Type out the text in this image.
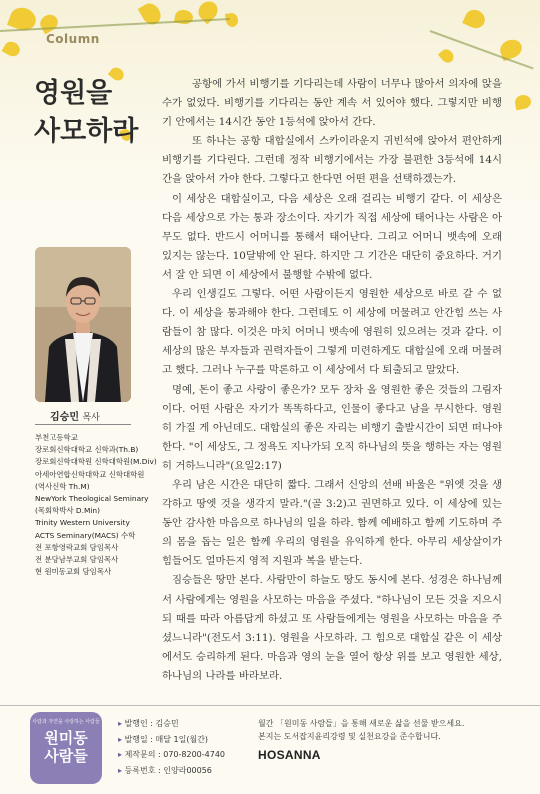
Column
영원을
사모하라
김승민 목사
부천고등학교
장로회신학대학교 신학과(Th.B)
장로회신학대학원 신학대학원(M.Div)
아세아연합신학대학교 신학대학원
(역사신학 Th.M)
NewYork Theological Seminary
(목회학박사 D.Min)
Trinity Western University
ACTS Seminary(MACS) 수학
전 포항영락교회 담임목사
전 분당남부교회 담임목사
현 원미동교회 담임목사

공항에 가서 비행기를 기다리는데 사람이 너무나 많아서 의자에 앉을 수가 없었다. 비행기를 기다리는 동안 계속 서 있어야 했다. 그렇지만 비행기 안에서는 14시간 동안 1등석에 앉아서 간다.

또 하나는 공항 대합실에서 스카이라운지 귀빈석에 앉아서 편안하게 비행기를 기다린다. 그런데 정작 비행기에서는 가장 불편한 3등석에 14시간을 앉아서 가야 한다. 그렇다고 한다면 어떤 편을 선택하겠는가.

이 세상은 대합실이고, 다음 세상은 오래 걸리는 비행기 같다. 이 세상은 다음 세상으로 가는 통과 장소이다. 자기가 직접 세상에 태어나는 사람은 아무도 없다. 반드시 어머니를 통해서 태어난다. 그리고 어머니 뱃속에 오래 있지는 않는다. 10달밖에 안 된다. 하지만 그 기간은 대단히 중요하다. 거기서 잘 안 되면 이 세상에서 불행할 수밖에 없다.

우리 인생길도 그렇다. 어떤 사람이든지 영원한 세상으로 바로 갈 수 없다. 이 세상을 통과해야 한다. 그런데도 이 세상에 머물려고 안간힘 쓰는 사람들이 참 많다. 이것은 마치 어머니 뱃속에 영원히 있으려는 것과 같다. 이 세상의 많은 부자들과 권력자들이 그렇게 미련하게도 대합실에 오래 머물려고 했다. 그러나 누구를 막론하고 이 세상에서 다 퇴출되고 말았다.

명예, 돈이 좋고 사랑이 좋은가? 모두 장차 올 영원한 좋은 것들의 그림자이다. 어떤 사람은 자기가 똑똑하다고, 인물이 좋다고 남을 무시한다. 영원히 가질 게 아닌데도. 대합실의 좋은 자리는 비행기 출발시간이 되면 떠나야 한다. "이 세상도, 그 정욕도 지나가되 오직 하나님의 뜻을 행하는 자는 영원히 거하느니라"(요일2:17)

우리 남은 시간은 대단히 짧다. 그래서 신앙의 선배 바울은 "위엣 것을 생각하고 땅엣 것을 생각지 말라."(골 3:2)고 권면하고 있다. 이 세상에 있는 동안 감사한 마음으로 하나님의 일을 하라. 함께 예배하고 함께 기도하며 주의 몸을 돕는 일은 함께 우리의 영원을 유익하게 한다. 아무리 세상살이가 힘들어도 얼마든지 영적 지원과 복을 받는다.

짐승들은 땅만 본다. 사람만이 하늘도 땅도 동시에 본다. 성경은 하나님께서 사람에게는 영원을 사모하는 마음을 주셨다. "하나님이 모든 것을 지으시되 때를 따라 아름답게 하셨고 또 사람들에게는 영원을 사모하는 마음을 주셨느니라"(전도서 3:11). 영원을 사모하라. 그 힘으로 대합실 같은 이 세상에서도 승리하게 된다. 마음과 영의 눈을 열어 항상 위를 보고 영원한 세상, 하나님의 나라를 바라보라.

사람과 자연을 사랑하는 사람들
원미동
사람들
▸ 발행인 : 김승민
▸ 발행일 : 매달 1일(월간)
▸ 제작문의 : 070-8200-4740
▸ 등록번호 : 인양라00056
월간 「원미동 사람들」을 통해 새로운 삶을 선물 받으세요.
본지는 도서잡지윤리강령 및 실천요강을 준수합니다.
HOSANNA
